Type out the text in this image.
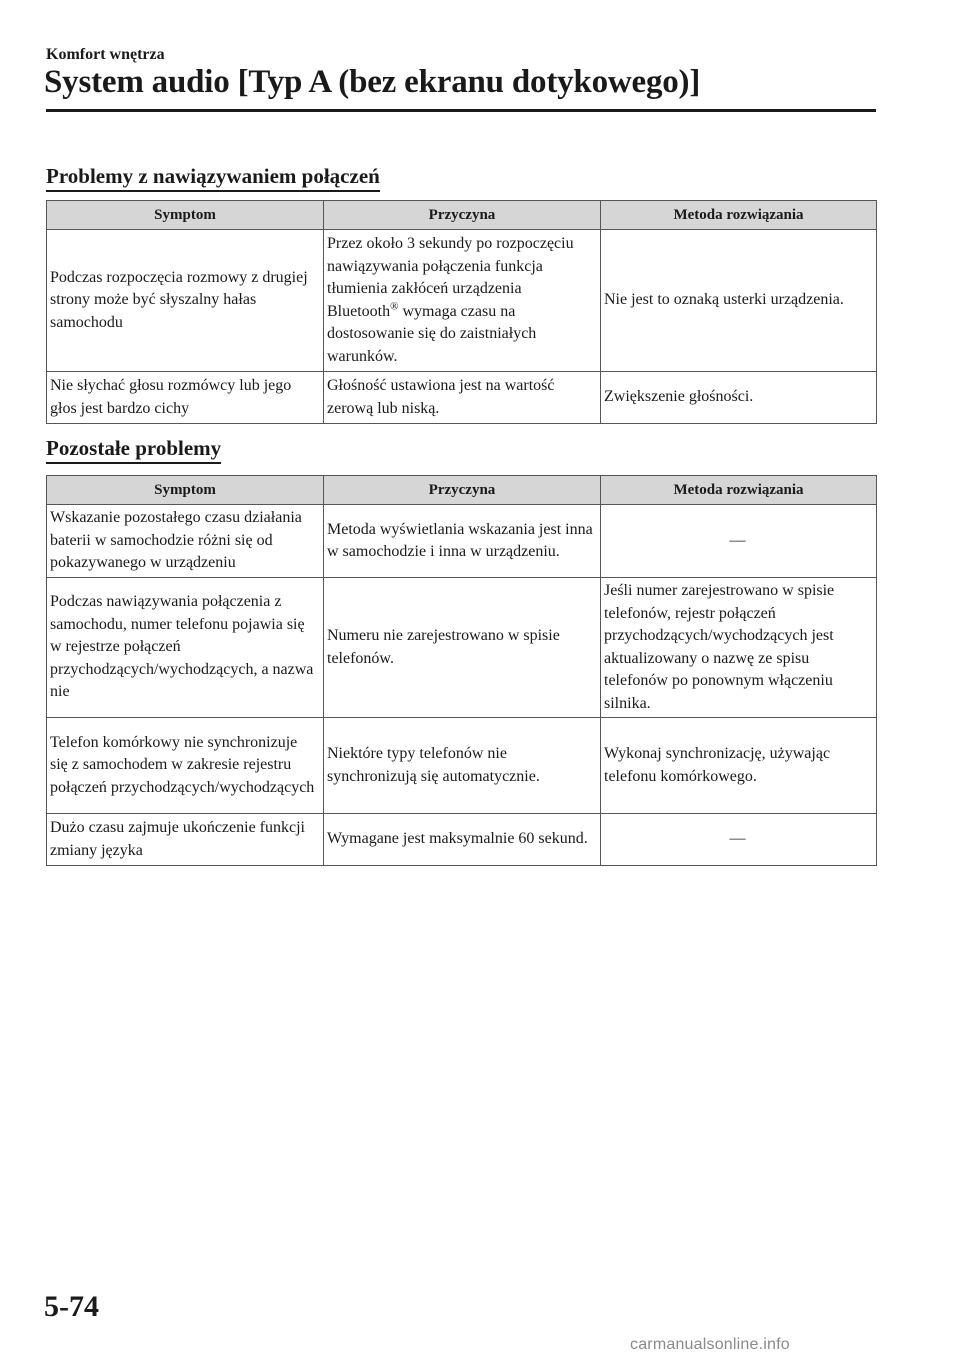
Komfort wnętrza
System audio [Typ A (bez ekranu dotykowego)]
Problemy z nawiązywaniem połączeń
Symptom	Przyczyna	Metoda rozwiązania
Podczas rozpoczęcia rozmowy z drugiej strony może być słyszalny hałas samochodu	Przez około 3 sekundy po rozpoczęciu nawiązywania połączenia funkcja tłumienia zakłóceń urządzenia Bluetooth® wymaga czasu na dostosowanie się do zaistniałych warunków.	Nie jest to oznaką usterki urządzenia.
Nie słychać głosu rozmówcy lub jego głos jest bardzo cichy	Głośność ustawiona jest na wartość zerową lub niską.	Zwiększenie głośności.
Pozostałe problemy
Symptom	Przyczyna	Metoda rozwiązania
Wskazanie pozostałego czasu działania baterii w samochodzie różni się od pokazywanego w urządzeniu	Metoda wyświetlania wskazania jest inna w samochodzie i inna w urządzeniu.	—
Podczas nawiązywania połączenia z samochodu, numer telefonu pojawia się w rejestrze połączeń przychodzących/wychodzących, a nazwa nie	Numeru nie zarejestrowano w spisie telefonów.	Jeśli numer zarejestrowano w spisie telefonów, rejestr połączeń przychodzących/wychodzących jest aktualizowany o nazwę ze spisu telefonów po ponownym włączeniu silnika.
Telefon komórkowy nie synchronizuje się z samochodem w zakresie rejestru połączeń przychodzących/wychodzących	Niektóre typy telefonów nie synchronizują się automatycznie.	Wykonaj synchronizację, używając telefonu komórkowego.
Dużo czasu zajmuje ukończenie funkcji zmiany języka	Wymagane jest maksymalnie 60 sekund.	—
5-74
carmanualsonline.info
